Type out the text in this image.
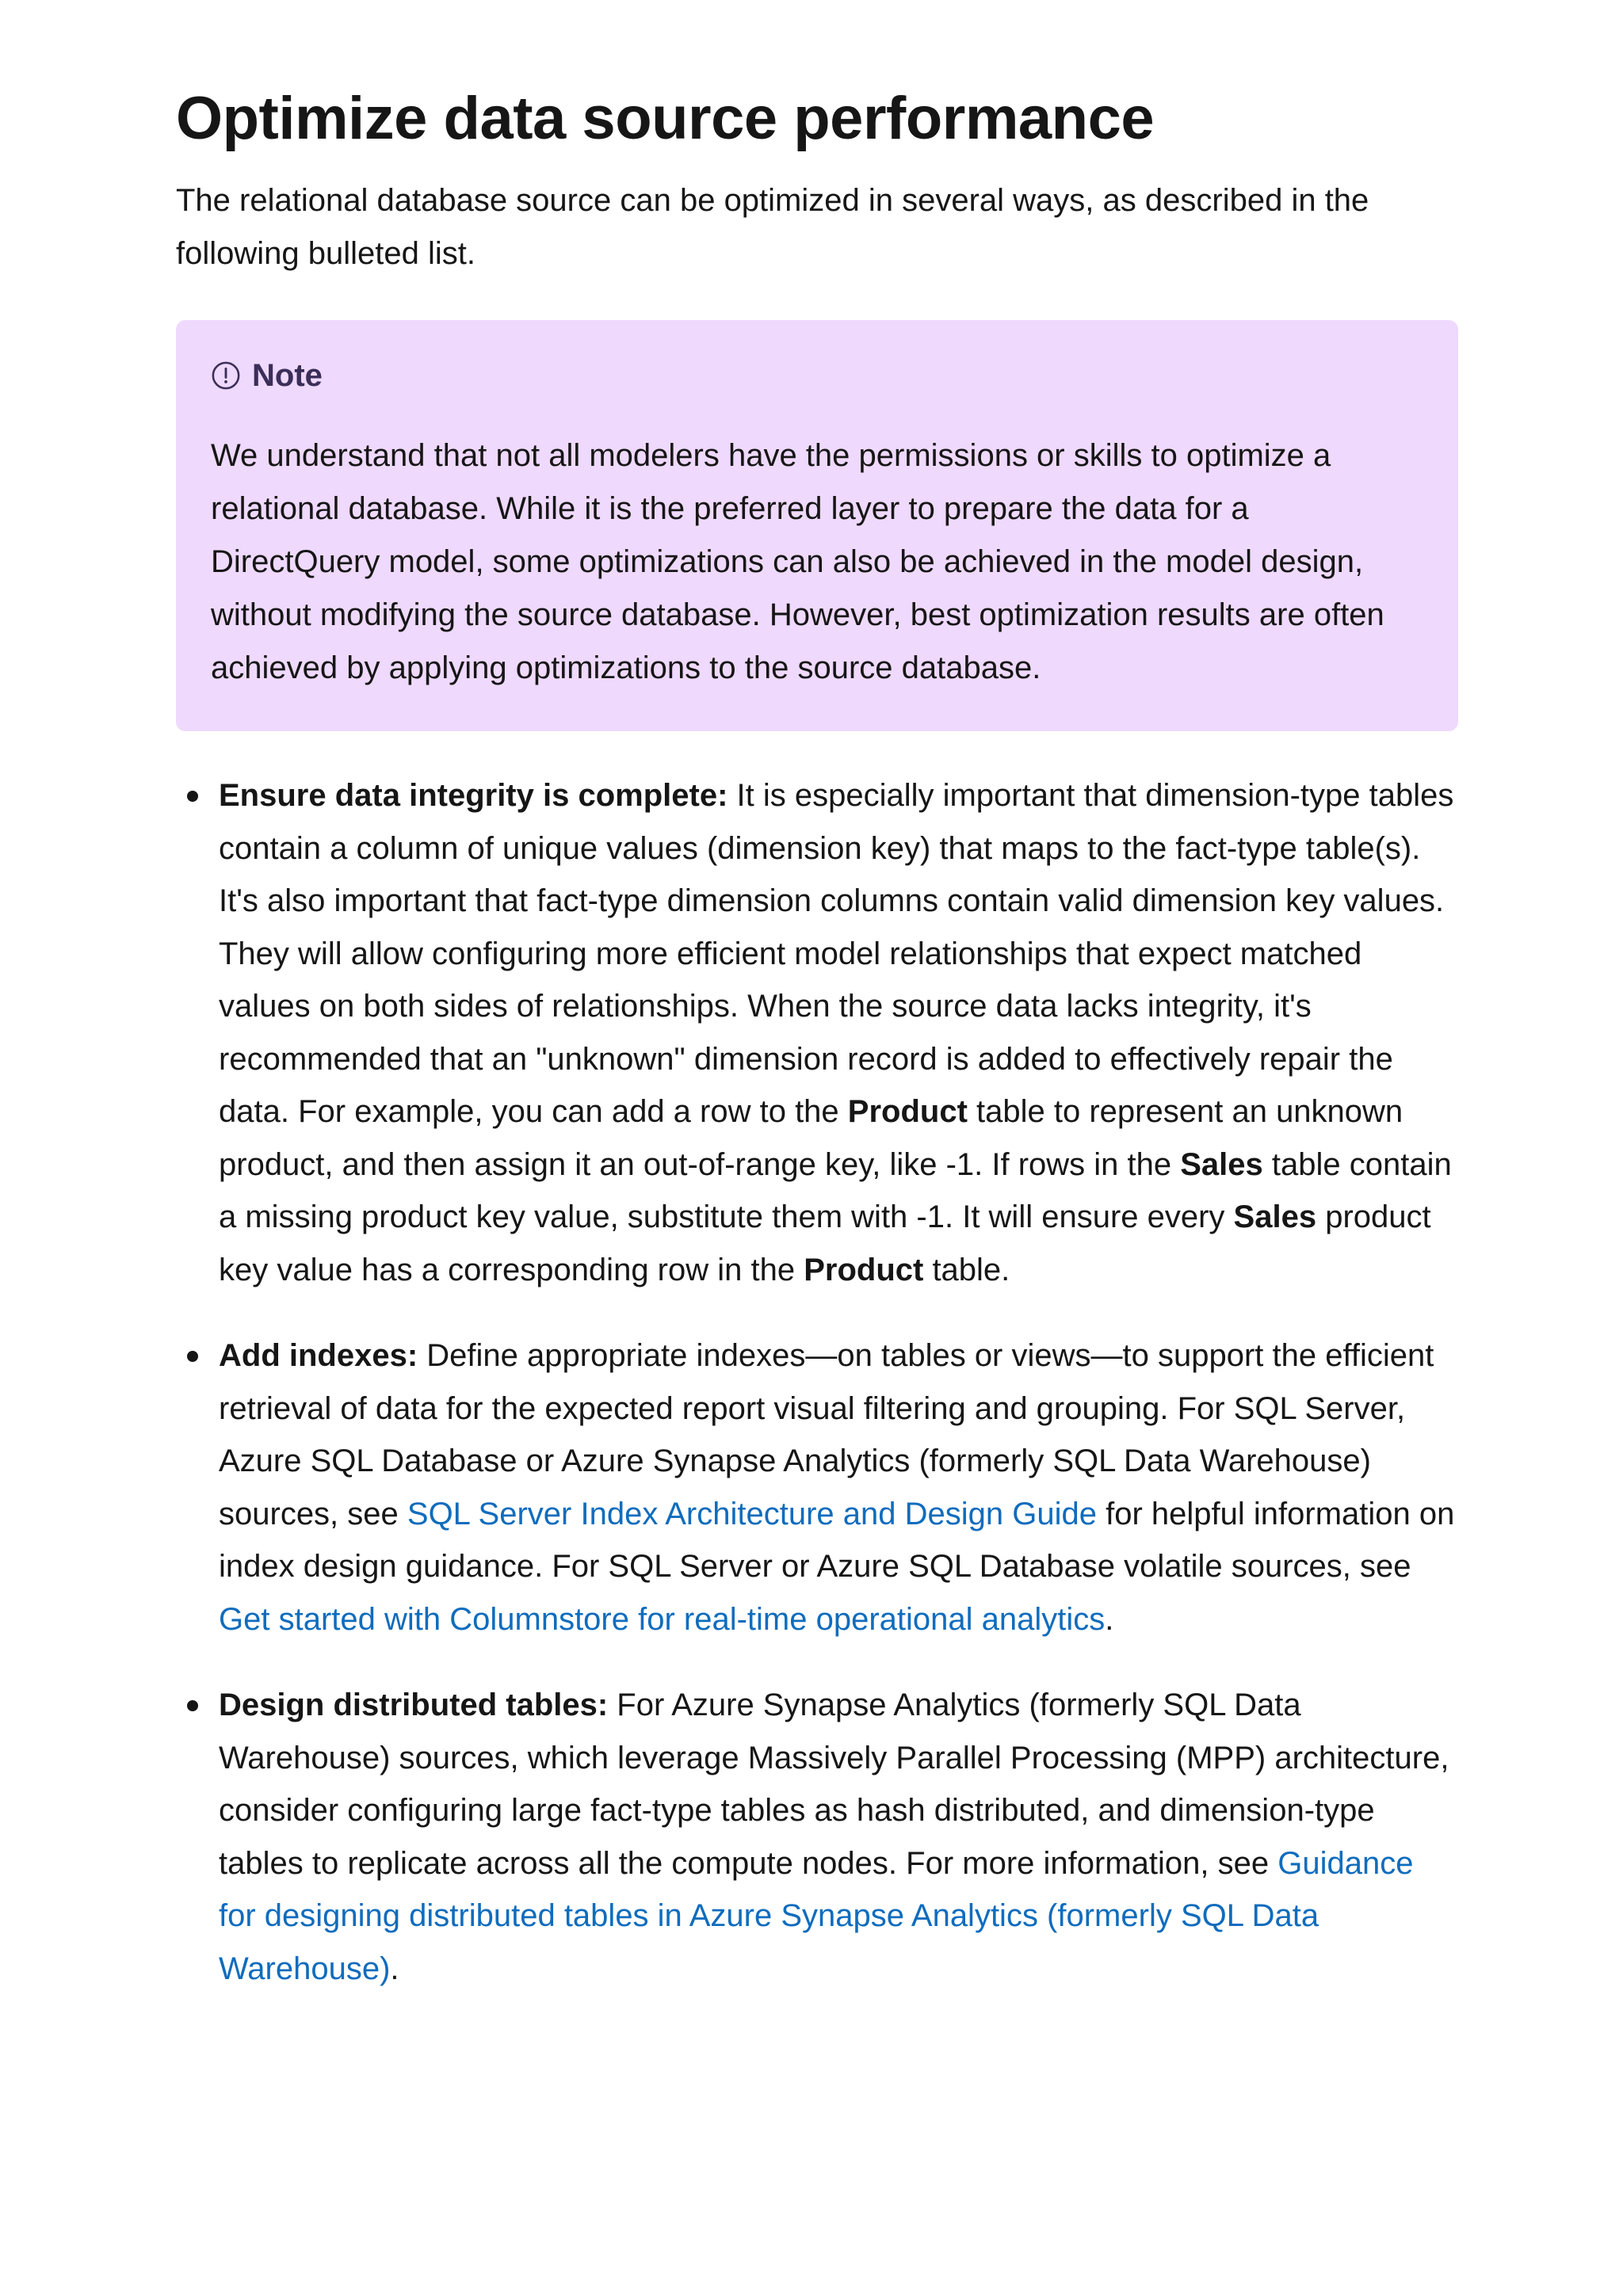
Optimize data source performance

The relational database source can be optimized in several ways, as described in the following bulleted list.

Note
We understand that not all modelers have the permissions or skills to optimize a relational database. While it is the preferred layer to prepare the data for a DirectQuery model, some optimizations can also be achieved in the model design, without modifying the source database. However, best optimization results are often achieved by applying optimizations to the source database.
Ensure data integrity is complete: It is especially important that dimension-type tables contain a column of unique values (dimension key) that maps to the fact-type table(s). It's also important that fact-type dimension columns contain valid dimension key values. They will allow configuring more efficient model relationships that expect matched values on both sides of relationships. When the source data lacks integrity, it's recommended that an "unknown" dimension record is added to effectively repair the data. For example, you can add a row to the Product table to represent an unknown product, and then assign it an out-of-range key, like -1. If rows in the Sales table contain a missing product key value, substitute them with -1. It will ensure every Sales product key value has a corresponding row in the Product table.
Add indexes: Define appropriate indexes—on tables or views—to support the efficient retrieval of data for the expected report visual filtering and grouping. For SQL Server, Azure SQL Database or Azure Synapse Analytics (formerly SQL Data Warehouse) sources, see SQL Server Index Architecture and Design Guide for helpful information on index design guidance. For SQL Server or Azure SQL Database volatile sources, see Get started with Columnstore for real-time operational analytics.
Design distributed tables: For Azure Synapse Analytics (formerly SQL Data Warehouse) sources, which leverage Massively Parallel Processing (MPP) architecture, consider configuring large fact-type tables as hash distributed, and dimension-type tables to replicate across all the compute nodes. For more information, see Guidance for designing distributed tables in Azure Synapse Analytics (formerly SQL Data Warehouse).
